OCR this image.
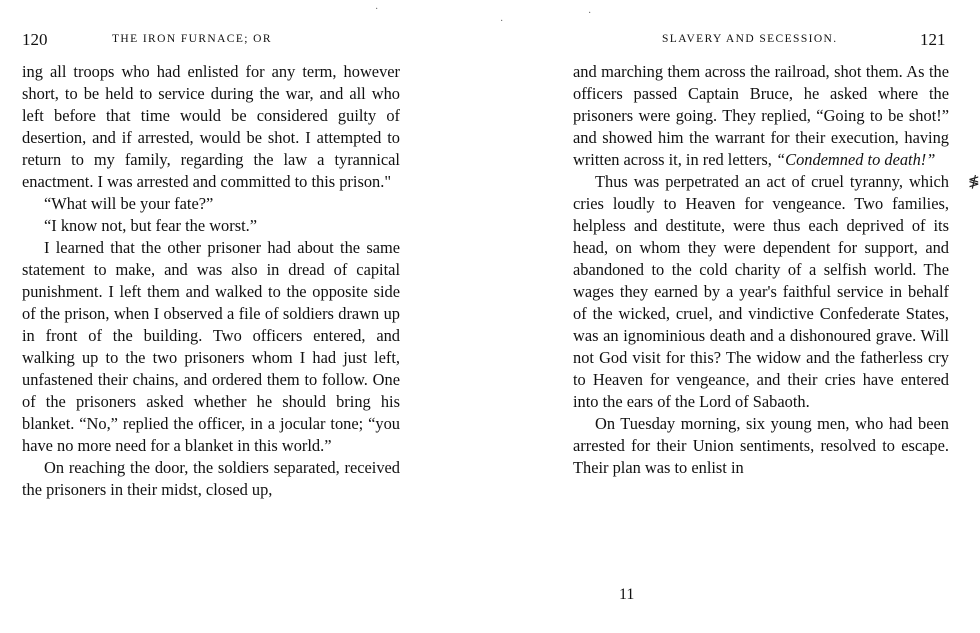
120	THE IRON FURNACE; OR

ing all troops who had enlisted for any term, however short, to be held to service during the war, and all who left before that time would be considered guilty of desertion, and if arrested, would be shot. I attempted to return to my family, regarding the law a tyrannical enactment. I was arrested and committed to this prison."

“What will be your fate?”

“I know not, but fear the worst.”

I learned that the other prisoner had about the same statement to make, and was also in dread of capital punishment. I left them and walked to the opposite side of the prison, when I observed a file of soldiers drawn up in front of the building. Two officers entered, and walking up to the two prisoners whom I had just left, unfastened their chains, and ordered them to follow. One of the prisoners asked whether he should bring his blanket. “No,” replied the officer, in a jocular tone; “you have no more need for a blanket in this world.”

On reaching the door, the soldiers separated, received the prisoners in their midst, closed up,

SLAVERY AND SECESSION.	121

and marching them across the railroad, shot them. As the officers passed Captain Bruce, he asked where the prisoners were going. They replied, “Going to be shot!” and showed him the warrant for their execution, having written across it, in red letters, “Condemned to death!”

Thus was perpetrated an act of cruel tyranny, which cries loudly to Heaven for vengeance. Two families, helpless and destitute, were thus each deprived of its head, on whom they were dependent for support, and abandoned to the cold charity of a selfish world. The wages they earned by a year's faithful service in behalf of the wicked, cruel, and vindictive Confederate States, was an ignominious death and a dishonoured grave. Will not God visit for this? The widow and the fatherless cry to Heaven for vengeance, and their cries have entered into the ears of the Lord of Sabaoth.

On Tuesday morning, six young men, who had been arrested for their Union sentiments, resolved to escape. Their plan was to enlist in

11
·
·
·
≸
